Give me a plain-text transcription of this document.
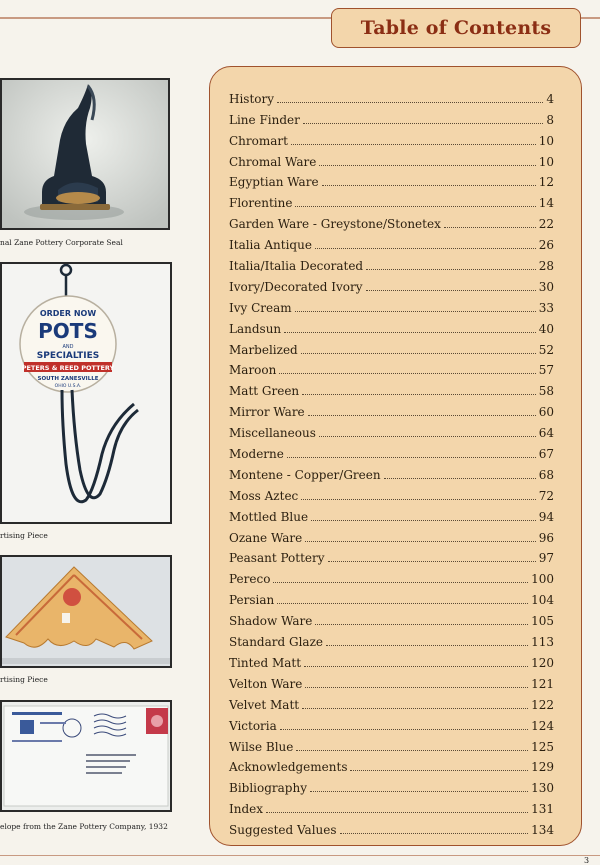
Table of Contents
nal Zane Pottery Corporate Seal
ORDER NOW
POTS
AND
SPECIALTIES
PETERS & REED POTTERY
SOUTH ZANESVILLE
OHIO U.S.A.
rtising Piece
rtising Piece
elope from the Zane Pottery Company, 1932
History	4
Line Finder	8
Chromart	10
Chromal Ware	10
Egyptian Ware	12
Florentine	14
Garden Ware - Greystone/Stonetex	22
Italia Antique	26
Italia/Italia Decorated	28
Ivory/Decorated Ivory	30
Ivy Cream	33
Landsun	40
Marbelized	52
Maroon	57
Matt Green	58
Mirror Ware	60
Miscellaneous	64
Moderne	67
Montene - Copper/Green	68
Moss Aztec	72
Mottled Blue	94
Ozane Ware	96
Peasant Pottery	97
Pereco	100
Persian	104
Shadow Ware	105
Standard Glaze	113
Tinted Matt	120
Velton Ware	121
Velvet Matt	122
Victoria	124
Wilse Blue	125
Acknowledgements	129
Bibliography	130
Index	131
Suggested Values	134
3
